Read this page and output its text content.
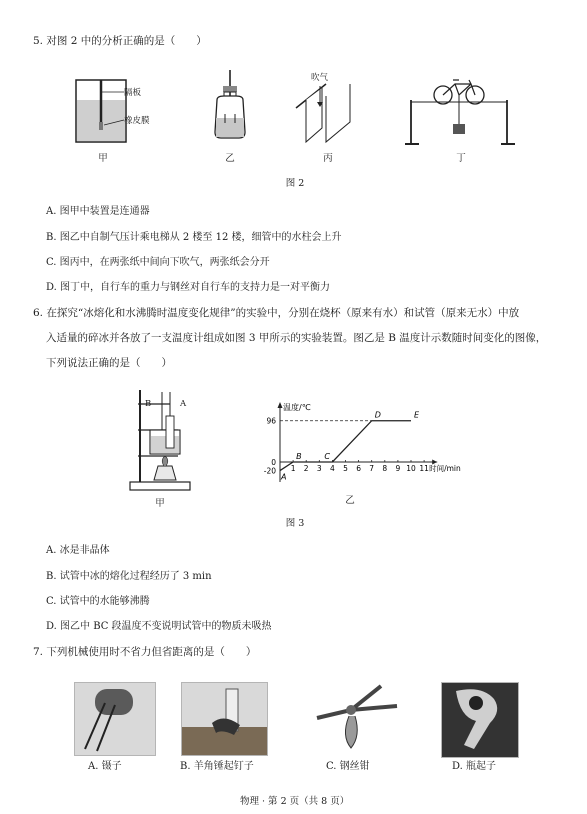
5. 对图 2 中的分析正确的是（　　）
隔板
橡皮膜
甲	乙
吹气
丙	丁
图 2
A. 图甲中装置是连通器
B. 图乙中自制气压计乘电梯从 2 楼至 12 楼，细管中的水柱会上升
C. 图丙中，在两张纸中间向下吹气，两张纸会分开
D. 图丁中，自行车的重力与钢丝对自行车的支持力是一对平衡力
6. 在探究“冰熔化和水沸腾时温度变化规律”的实验中，分别在烧杯（原来有水）和试管（原来无水）中放
入适量的碎冰并各放了一支温度计组成如图 3 甲所示的实验装置。图乙是 B 温度计示数随时间变化的图像，
下列说法正确的是（　　）
B	A
甲
温度/℃
时间/min
1 2 3 4 5 6 7 8 9 10 11
96
0
-20
A
B	C
D	E
乙
图 3
A. 冰是非晶体
B. 试管中冰的熔化过程经历了 3 min
C. 试管中的水能够沸腾
D. 图乙中 BC 段温度不变说明试管中的物质未吸热
7. 下列机械使用时不省力但省距离的是（　　）
A. 镊子	B. 羊角锤起钉子	C. 钢丝钳	D. 瓶起子
物理 · 第 2 页（共 8 页）
